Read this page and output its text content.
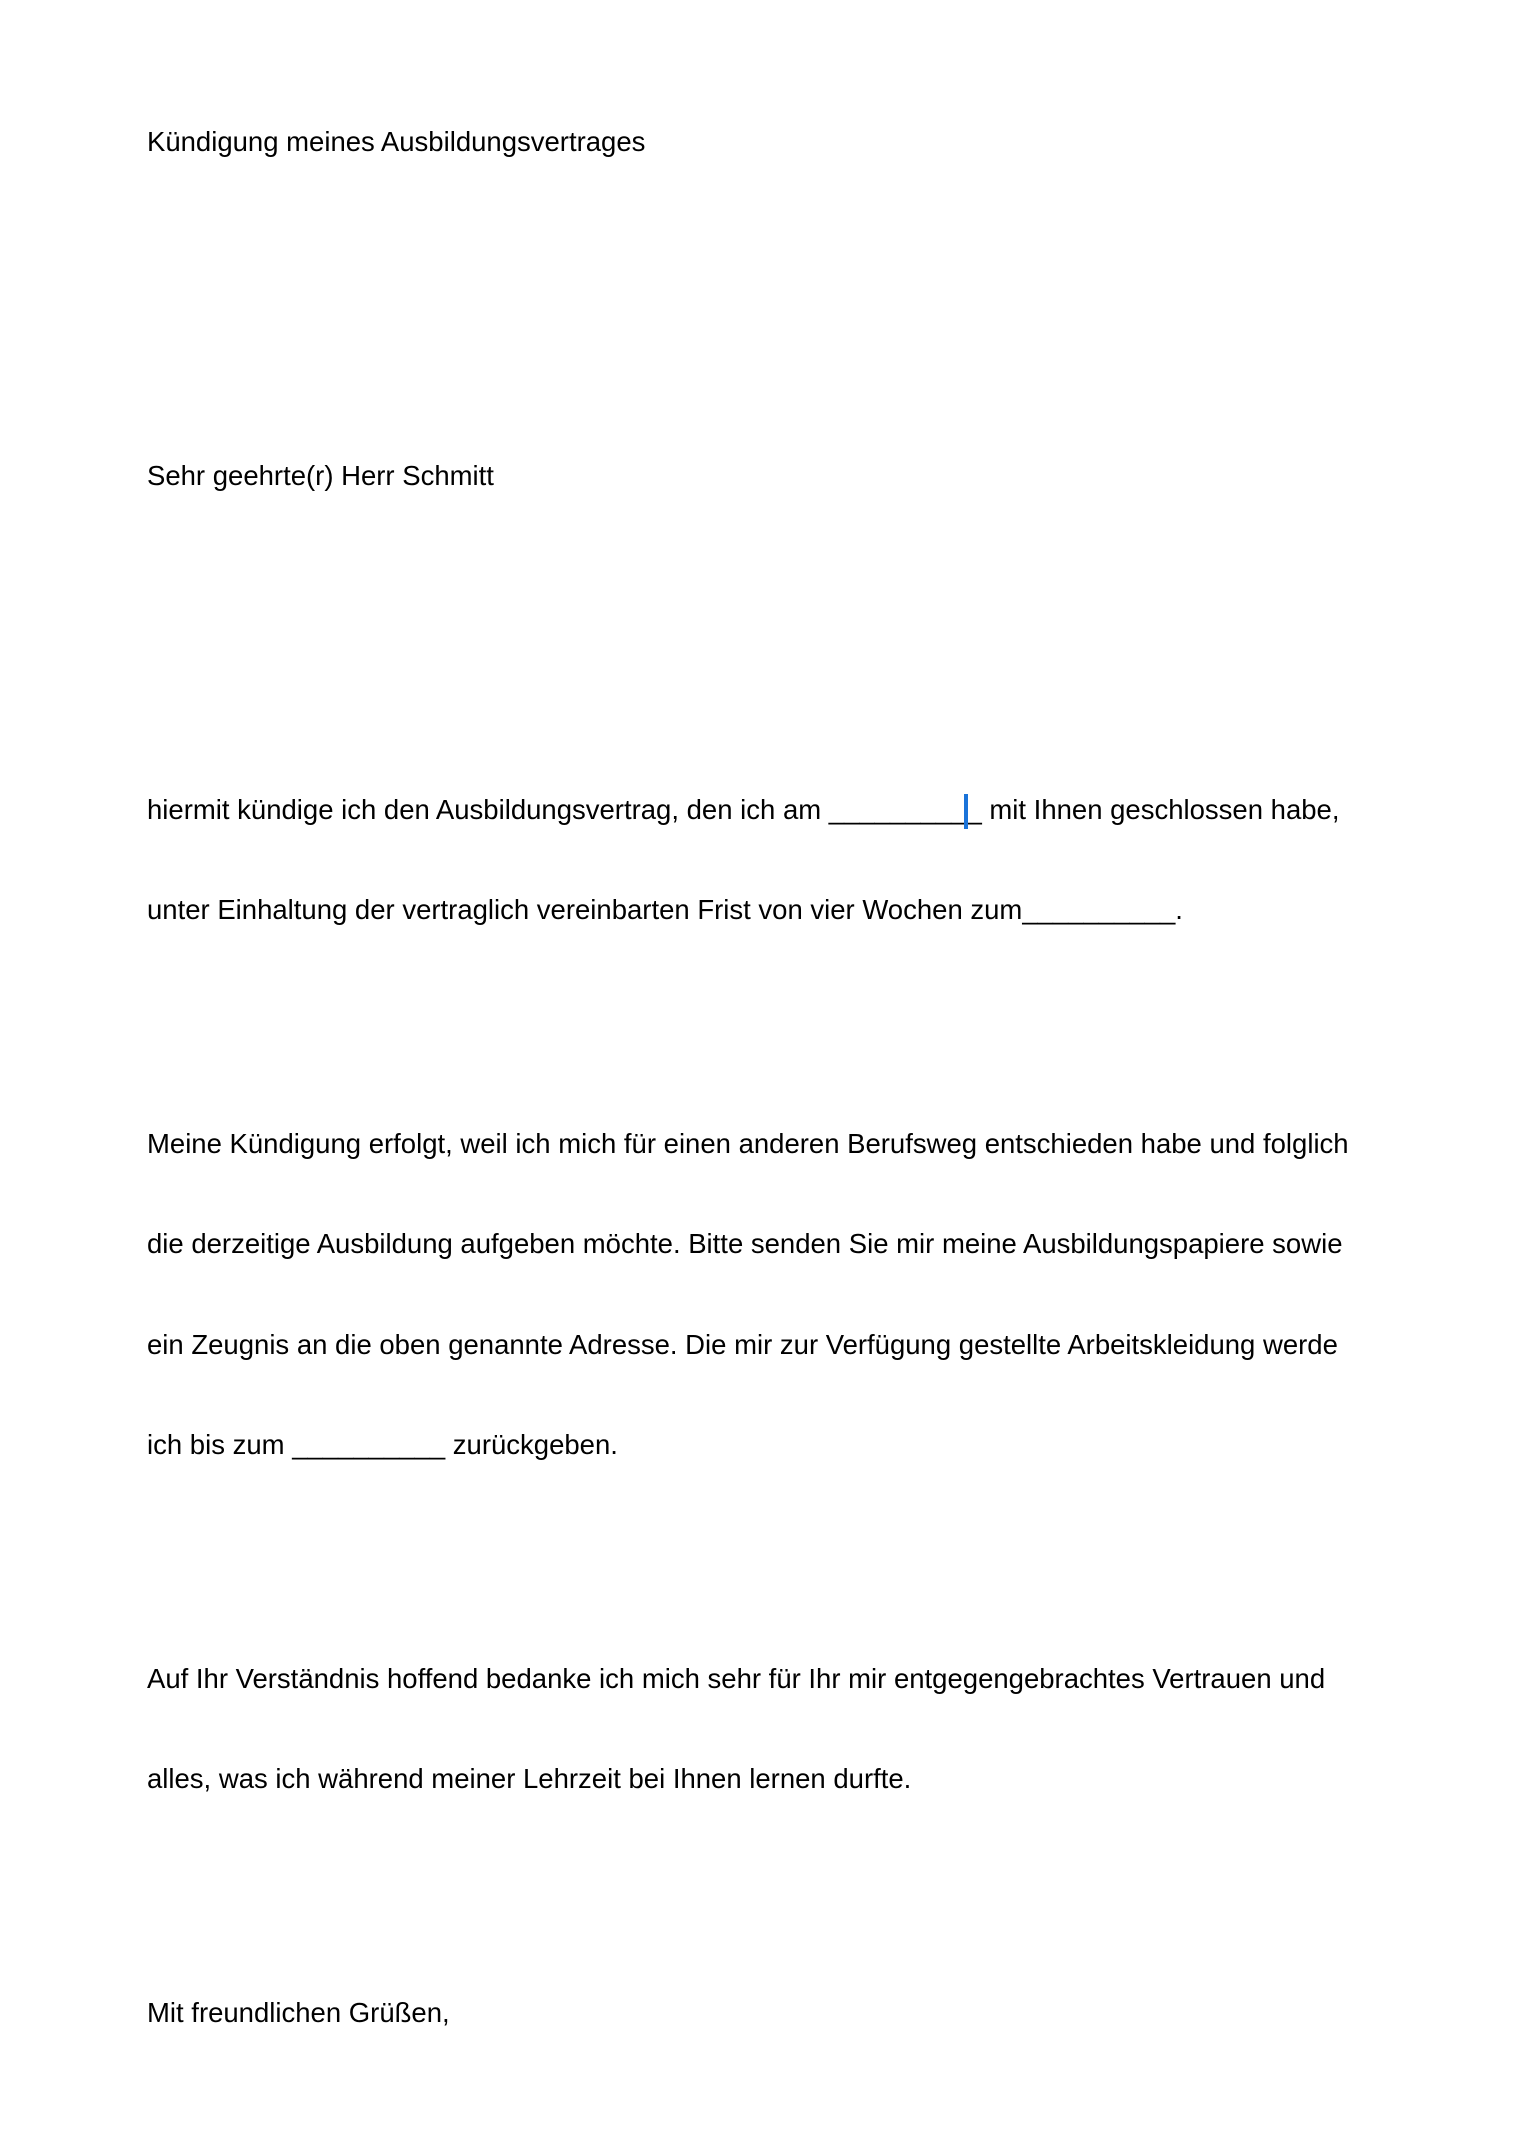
Kündigung meines Ausbildungsvertrages

Sehr geehrte(r) Herr Schmitt

hiermit kündige ich den Ausbildungsvertrag, den ich am __________ mit Ihnen geschlossen habe,

unter Einhaltung der vertraglich vereinbarten Frist von vier Wochen zum__________.

Meine Kündigung erfolgt, weil ich mich für einen anderen Berufsweg entschieden habe und folglich

die derzeitige Ausbildung aufgeben möchte. Bitte senden Sie mir meine Ausbildungspapiere sowie

ein Zeugnis an die oben genannte Adresse. Die mir zur Verfügung gestellte Arbeitskleidung werde

ich bis zum __________ zurückgeben.

Auf Ihr Verständnis hoffend bedanke ich mich sehr für Ihr mir entgegengebrachtes Vertrauen und

alles, was ich während meiner Lehrzeit bei Ihnen lernen durfte.

Mit freundlichen Grüßen,
